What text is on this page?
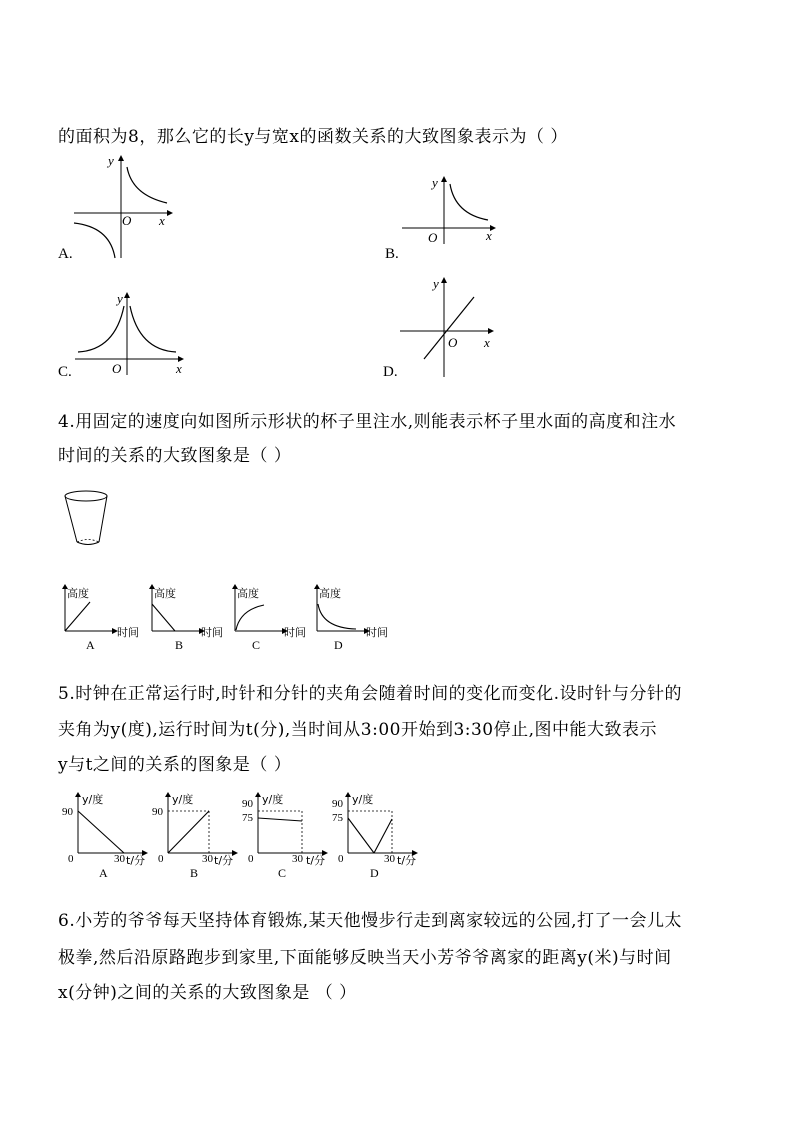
的面积为8，那么它的长y与宽x的函数关系的大致图象表示为（ ）
y
x
O
A.
y
x
O
B.
y
x
O
C.
y
x
O
D.
4.用固定的速度向如图所示形状的杯子里注水,则能表示杯子里水面的高度和注水
时间的关系的大致图象是（ ）
高度
时间
A
高度
时间
B
高度
时间
C
高度
时间
D
5.时钟在正常运行时,时针和分针的夹角会随着时间的变化而变化.设时针与分针的
夹角为y(度),运行时间为t(分),当时间从3:00开始到3:30停止,图中能大致表示
y与t之间的关系的图象是（ ）
90
0	30
y/度
t/分
A
90
0	30
y/度
t/分
B
90
75
0	30
y/度
t/分
C
90
75
0	30
y/度
t/分
D
6.小芳的爷爷每天坚持体育锻炼,某天他慢步行走到离家较远的公园,打了一会儿太
极拳,然后沿原路跑步到家里,下面能够反映当天小芳爷爷离家的距离y(米)与时间
x(分钟)之间的关系的大致图象是 （ ）
